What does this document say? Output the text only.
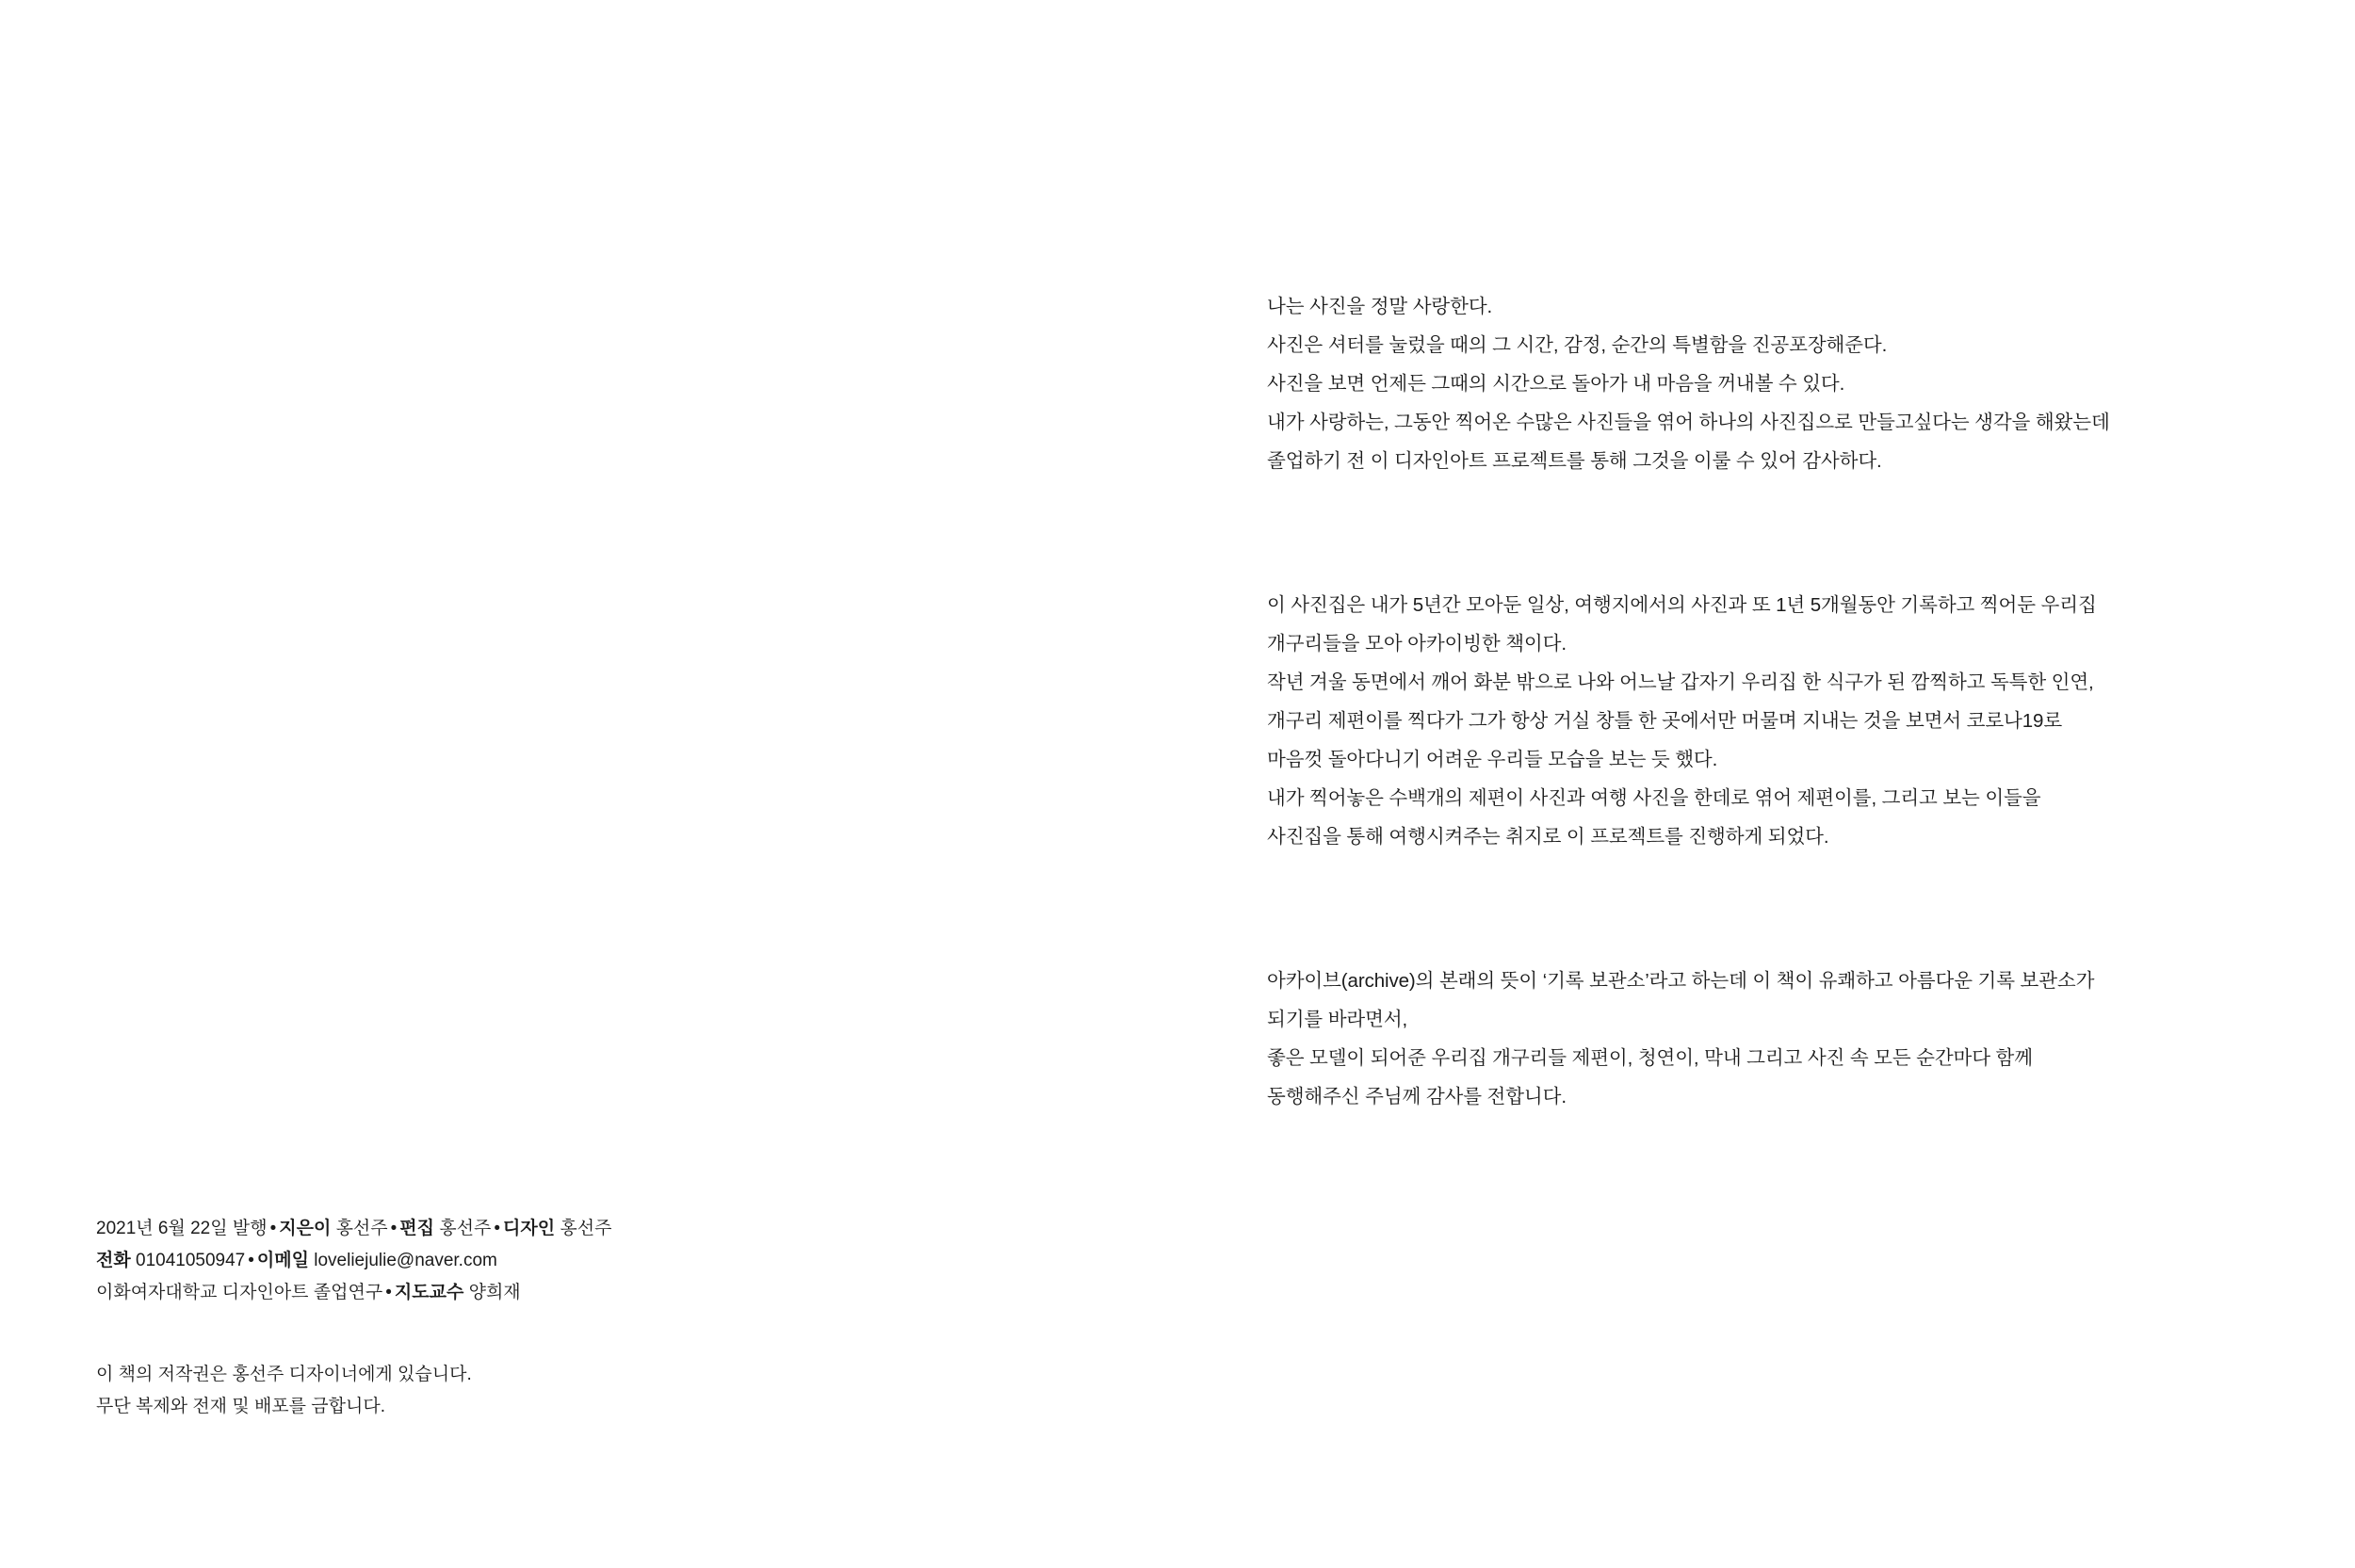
나는 사진을 정말 사랑한다.
사진은 셔터를 눌렀을 때의 그 시간, 감정, 순간의 특별함을 진공포장해준다.
사진을 보면 언제든 그때의 시간으로 돌아가 내 마음을 꺼내볼 수 있다.
내가 사랑하는, 그동안 찍어온 수많은 사진들을 엮어 하나의 사진집으로 만들고싶다는 생각을 해왔는데
졸업하기 전 이 디자인아트 프로젝트를 통해 그것을 이룰 수 있어 감사하다.
이 사진집은 내가 5년간 모아둔 일상, 여행지에서의 사진과 또 1년 5개월동안 기록하고 찍어둔 우리집
개구리들을 모아 아카이빙한 책이다.
작년 겨울 동면에서 깨어 화분 밖으로 나와 어느날 갑자기 우리집 한 식구가 된 깜찍하고 독특한 인연,
개구리 제편이를 찍다가 그가 항상 거실 창틀 한 곳에서만 머물며 지내는 것을 보면서 코로나19로
마음껏 돌아다니기 어려운 우리들 모습을 보는 듯 했다.
내가 찍어놓은 수백개의 제편이 사진과 여행 사진을 한데로 엮어 제편이를, 그리고 보는 이들을
사진집을 통해 여행시켜주는 취지로 이 프로젝트를 진행하게 되었다.
아카이브(archive)의 본래의 뜻이 ‘기록 보관소’라고 하는데 이 책이 유쾌하고 아름다운 기록 보관소가
되기를 바라면서,
좋은 모델이 되어준 우리집 개구리들 제편이, 청연이, 막내 그리고 사진 속 모든 순간마다 함께
동행해주신 주님께 감사를 전합니다.
2021년 6월 22일 발행 • 지은이 홍선주 • 편집 홍선주 • 디자인 홍선주
전화 01041050947 • 이메일 loveliejulie@naver.com
이화여자대학교 디자인아트 졸업연구 • 지도교수 양희재
이 책의 저작권은 홍선주 디자이너에게 있습니다.
무단 복제와 전재 및 배포를 금합니다.
